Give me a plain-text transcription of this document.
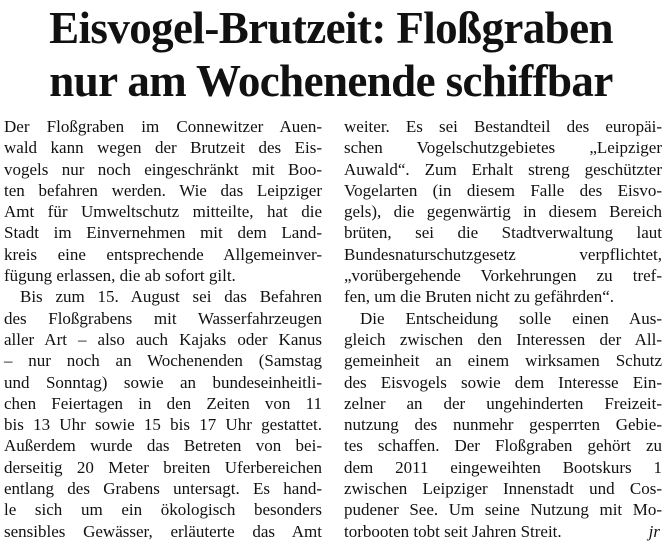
Eisvogel-Brutzeit: Floßgraben
nur am Wochenende schiffbar
Der Floßgraben im Connewitzer Auen-
wald kann wegen der Brutzeit des Eis-
vogels nur noch eingeschränkt mit Boo-
ten befahren werden. Wie das Leipziger
Amt für Umweltschutz mitteilte, hat die
Stadt im Einvernehmen mit dem Land-
kreis eine entsprechende Allgemeinver-
fügung erlassen, die ab sofort gilt.
Bis zum 15. August sei das Befahren
des Floßgrabens mit Wasserfahrzeugen
aller Art – also auch Kajaks oder Kanus
– nur noch an Wochenenden (Samstag
und Sonntag) sowie an bundeseinheitli-
chen Feiertagen in den Zeiten von 11
bis 13 Uhr sowie 15 bis 17 Uhr gestattet.
Außerdem wurde das Betreten von bei-
derseitig 20 Meter breiten Uferbereichen
entlang des Grabens untersagt. Es hand-
le sich um ein ökologisch besonders
sensibles Gewässer, erläuterte das Amt
weiter. Es sei Bestandteil des europäi-
schen Vogelschutzgebietes „Leipziger
Auwald“. Zum Erhalt streng geschützter
Vogelarten (in diesem Falle des Eisvo-
gels), die gegenwärtig in diesem Bereich
brüten, sei die Stadtverwaltung laut
Bundesnaturschutzgesetz verpflichtet,
„vorübergehende Vorkehrungen zu tref-
fen, um die Bruten nicht zu gefährden“.
Die Entscheidung solle einen Aus-
gleich zwischen den Interessen der All-
gemeinheit an einem wirksamen Schutz
des Eisvogels sowie dem Interesse Ein-
zelner an der ungehinderten Freizeit-
nutzung des nunmehr gesperrten Gebie-
tes schaffen. Der Floßgraben gehört zu
dem 2011 eingeweihten Bootskurs 1
zwischen Leipziger Innenstadt und Cos-
pudener See. Um seine Nutzung mit Mo-
torbooten tobt seit Jahren Streit.	jr
